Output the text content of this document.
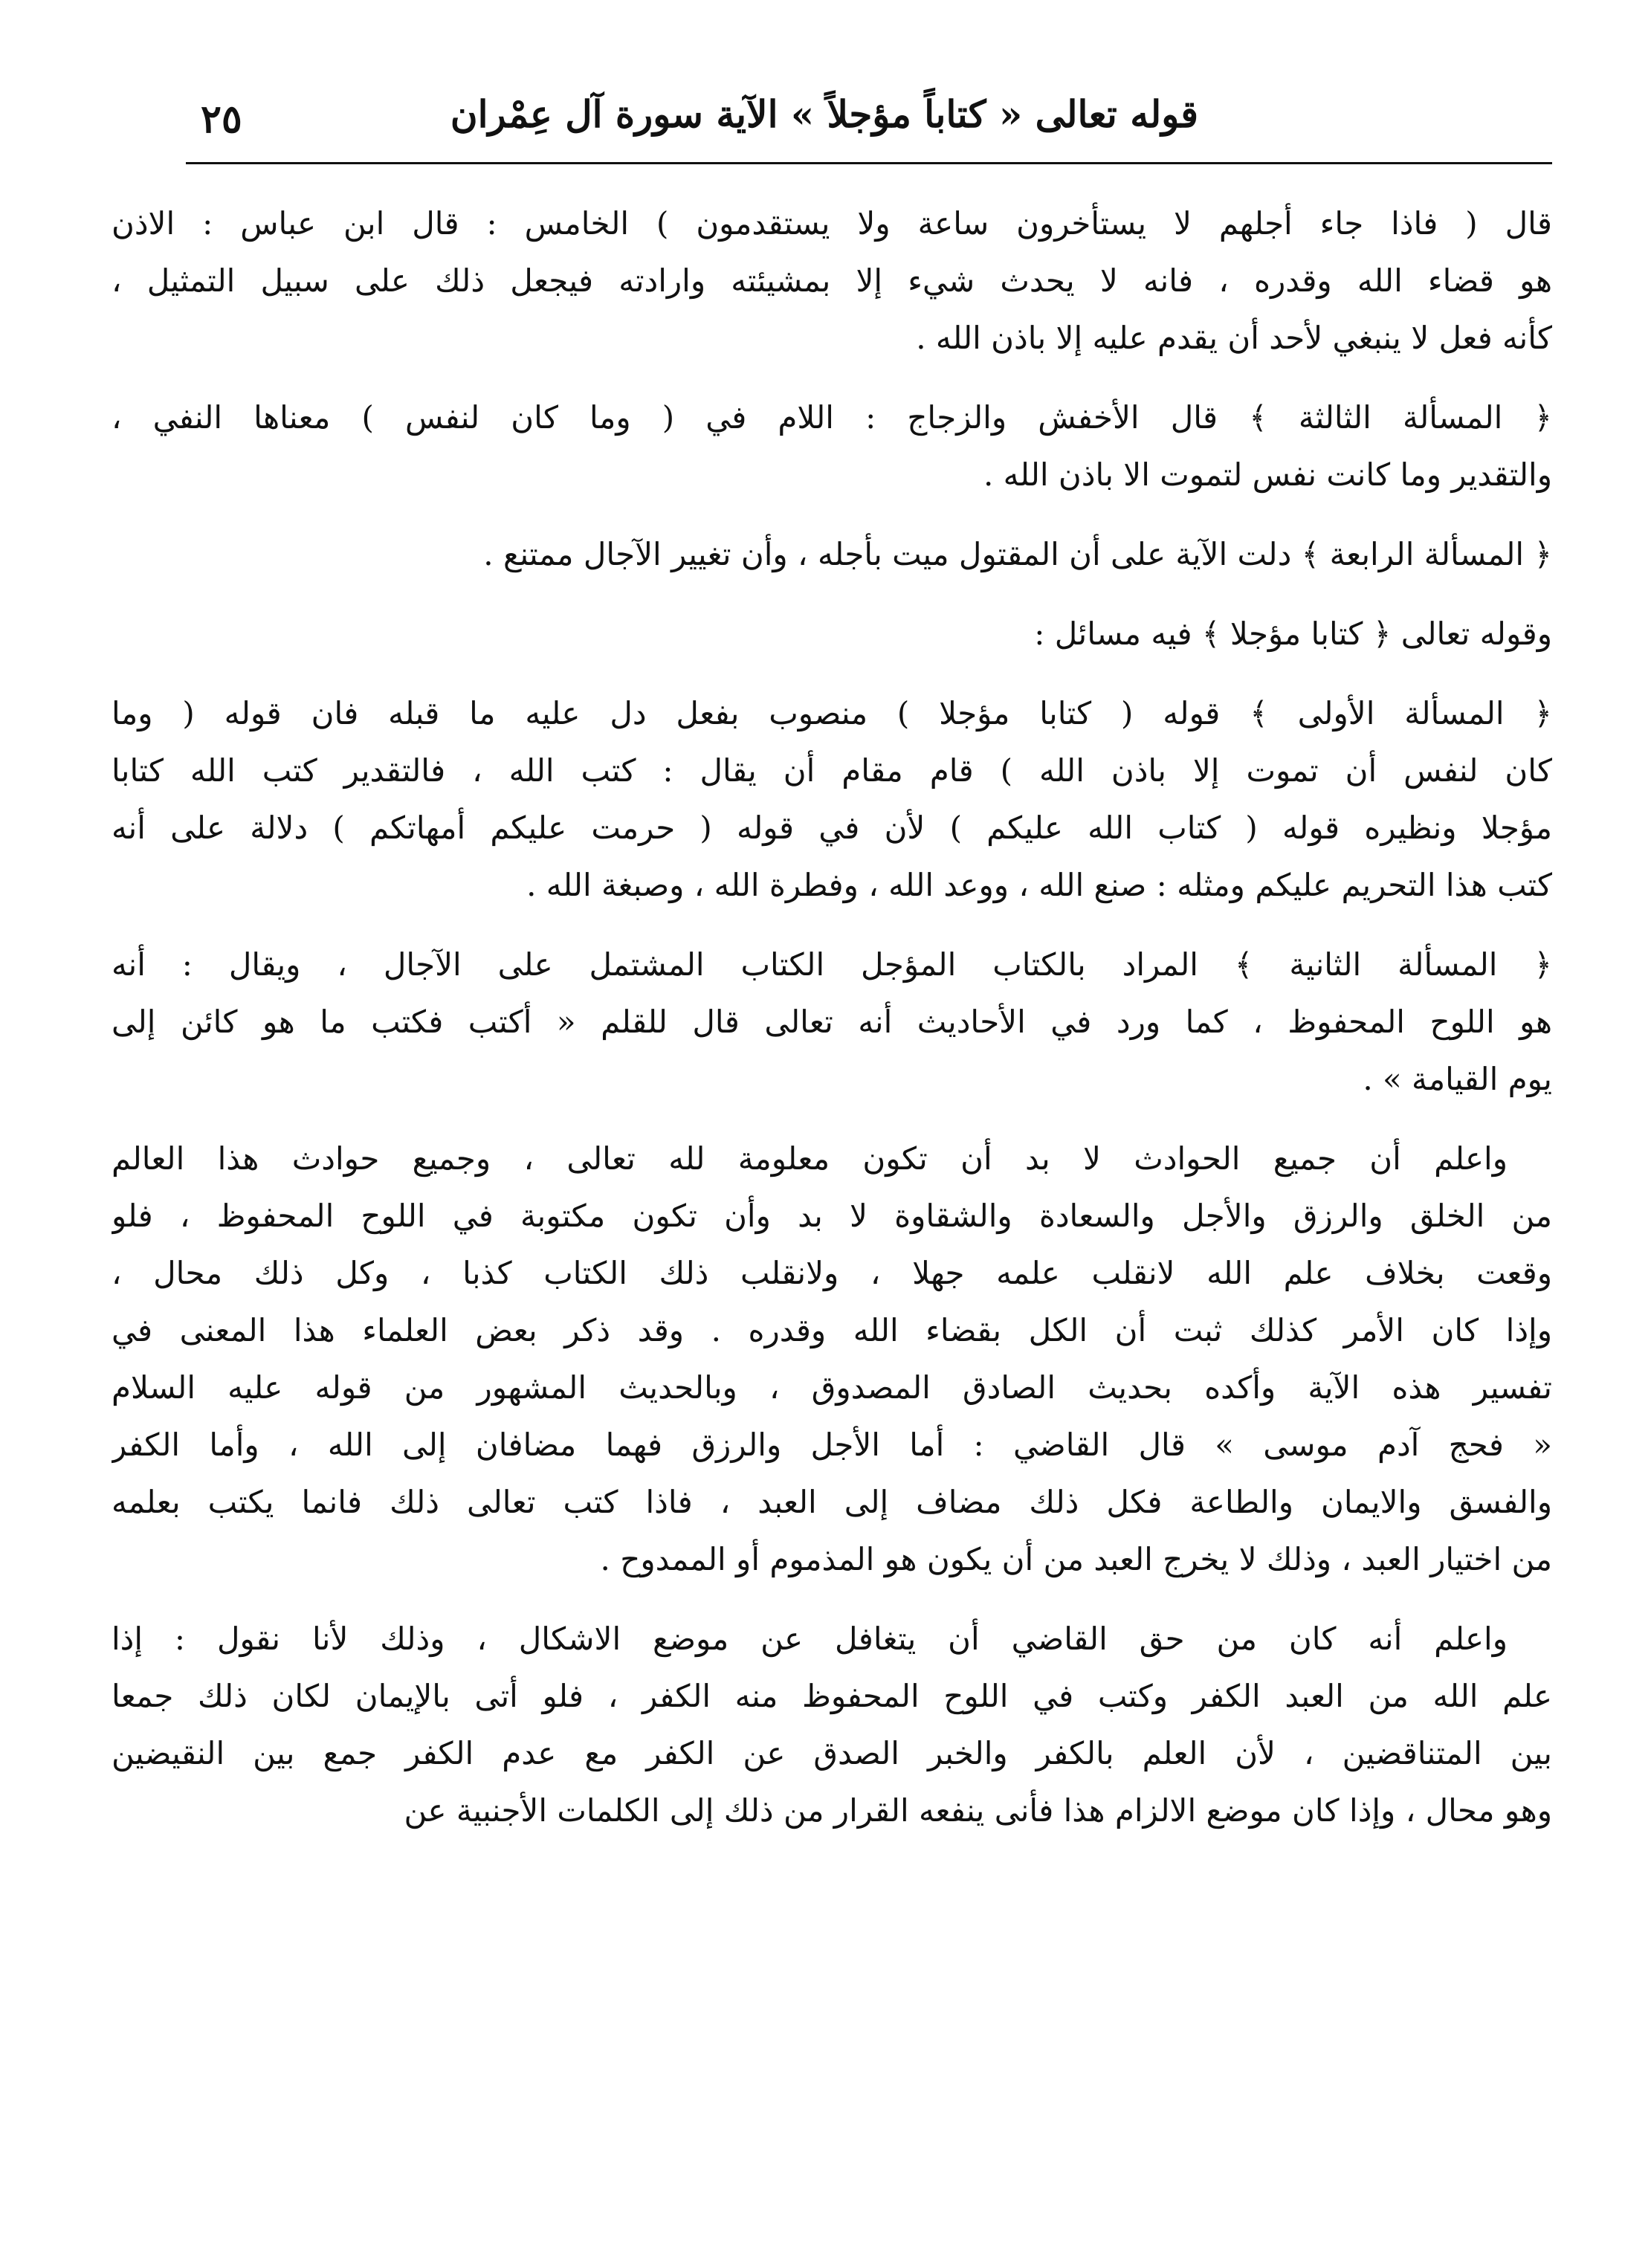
٢٥	قوله تعالى « كتاباً مؤجلاً » الآية سورة آل عِمْران
قال ( فاذا جاء أجلهم لا يستأخرون ساعة ولا يستقدمون ) الخامس : قال ابن عباس : الاذن
هو قضاء الله وقدره ، فانه لا يحدث شيء إلا بمشيئته وارادته فيجعل ذلك على سبيل التمثيل ،
كأنه فعل لا ينبغي لأحد أن يقدم عليه إلا باذن الله .
﴿ المسألة الثالثة ﴾ قال الأخفش والزجاج : اللام في ( وما كان لنفس ) معناها النفي ،
والتقدير وما كانت نفس لتموت الا باذن الله .
﴿ المسألة الرابعة ﴾ دلت الآية على أن المقتول ميت بأجله ، وأن تغيير الآجال ممتنع .
وقوله تعالى ﴿ كتابا مؤجلا ﴾ فيه مسائل :
﴿ المسألة الأولى ﴾ قوله ( كتابا مؤجلا ) منصوب بفعل دل عليه ما قبله فان قوله ( وما
كان لنفس أن تموت إلا باذن الله ) قام مقام أن يقال : كتب الله ، فالتقدير كتب الله كتابا
مؤجلا ونظيره قوله ( كتاب الله عليكم ) لأن في قوله ( حرمت عليكم أمهاتكم ) دلالة على أنه
كتب هذا التحريم عليكم ومثله : صنع الله ، ووعد الله ، وفطرة الله ، وصبغة الله .
﴿ المسألة الثانية ﴾ المراد بالكتاب المؤجل الكتاب المشتمل على الآجال ، ويقال : أنه
هو اللوح المحفوظ ، كما ورد في الأحاديث أنه تعالى قال للقلم « أكتب فكتب ما هو كائن إلى
يوم القيامة » .
واعلم أن جميع الحوادث لا بد أن تكون معلومة لله تعالى ، وجميع حوادث هذا العالم
من الخلق والرزق والأجل والسعادة والشقاوة لا بد وأن تكون مكتوبة في اللوح المحفوظ ، فلو
وقعت بخلاف علم الله لانقلب علمه جهلا ، ولانقلب ذلك الكتاب كذبا ، وكل ذلك محال ،
وإذا كان الأمر كذلك ثبت أن الكل بقضاء الله وقدره . وقد ذكر بعض العلماء هذا المعنى في
تفسير هذه الآية وأكده بحديث الصادق المصدوق ، وبالحديث المشهور من قوله عليه السلام
« فحج آدم موسى » قال القاضي : أما الأجل والرزق فهما مضافان إلى الله ، وأما الكفر
والفسق والايمان والطاعة فكل ذلك مضاف إلى العبد ، فاذا كتب تعالى ذلك فانما يكتب بعلمه
من اختيار العبد ، وذلك لا يخرج العبد من أن يكون هو المذموم أو الممدوح .
واعلم أنه كان من حق القاضي أن يتغافل عن موضع الاشكال ، وذلك لأنا نقول : إذا
علم الله من العبد الكفر وكتب في اللوح المحفوظ منه الكفر ، فلو أتى بالإيمان لكان ذلك جمعا
بين المتناقضين ، لأن العلم بالكفر والخبر الصدق عن الكفر مع عدم الكفر جمع بين النقيضين
وهو محال ، وإذا كان موضع الالزام هذا فأنى ينفعه القرار من ذلك إلى الكلمات الأجنبية عن
